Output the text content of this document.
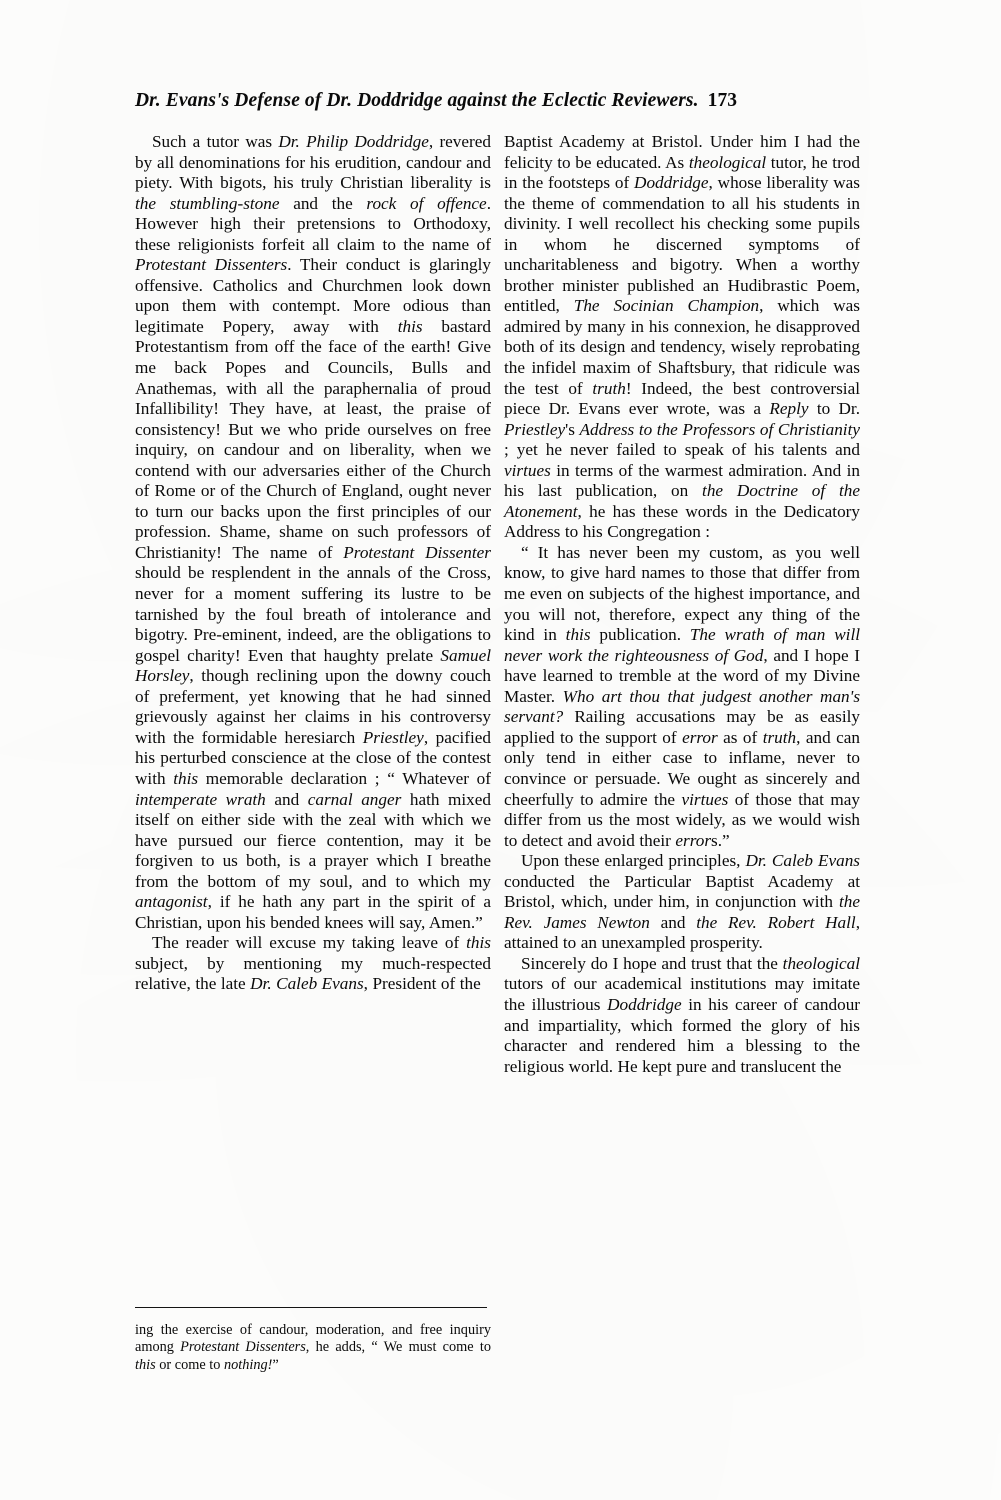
Dr. Evans's Defense of Dr. Doddridge against the Eclectic Reviewers. 173

Such a tutor was Dr. Philip Doddridge, revered by all denominations for his erudition, candour and piety. With bigots, his truly Christian liberality is the stumbling-stone and the rock of offence. However high their pretensions to Orthodoxy, these religionists forfeit all claim to the name of Protestant Dissenters. Their conduct is glaringly offensive. Catholics and Churchmen look down upon them with contempt. More odious than legitimate Popery, away with this bastard Protestantism from off the face of the earth! Give me back Popes and Councils, Bulls and Anathemas, with all the paraphernalia of proud Infallibility! They have, at least, the praise of consistency! But we who pride ourselves on free inquiry, on candour and on liberality, when we contend with our adversaries either of the Church of Rome or of the Church of England, ought never to turn our backs upon the first principles of our profession. Shame, shame on such professors of Christianity! The name of Protestant Dissenter should be resplendent in the annals of the Cross, never for a moment suffering its lustre to be tarnished by the foul breath of intolerance and bigotry. Pre-eminent, indeed, are the obligations to gospel charity! Even that haughty prelate Samuel Horsley, though reclining upon the downy couch of preferment, yet knowing that he had sinned grievously against her claims in his controversy with the formidable heresiarch Priestley, pacified his perturbed conscience at the close of the contest with this memorable declaration ; “ Whatever of intemperate wrath and carnal anger hath mixed itself on either side with the zeal with which we have pursued our fierce contention, may it be forgiven to us both, is a prayer which I breathe from the bottom of my soul, and to which my antagonist, if he hath any part in the spirit of a Christian, upon his bended knees will say, Amen.”

The reader will excuse my taking leave of this subject, by mentioning my much-respected relative, the late Dr. Caleb Evans, President of the

Baptist Academy at Bristol. Under him I had the felicity to be educated. As theological tutor, he trod in the footsteps of Doddridge, whose liberality was the theme of commendation to all his students in divinity. I well recollect his checking some pupils in whom he discerned symptoms of uncharitableness and bigotry. When a worthy brother minister published an Hudibrastic Poem, entitled, The Socinian Champion, which was admired by many in his connexion, he disapproved both of its design and tendency, wisely reprobating the infidel maxim of Shaftsbury, that ridicule was the test of truth! Indeed, the best controversial piece Dr. Evans ever wrote, was a Reply to Dr. Priestley's Address to the Professors of Christianity ; yet he never failed to speak of his talents and virtues in terms of the warmest admiration. And in his last publication, on the Doctrine of the Atonement, he has these words in the Dedicatory Address to his Congregation :

“ It has never been my custom, as you well know, to give hard names to those that differ from me even on subjects of the highest importance, and you will not, therefore, expect any thing of the kind in this publication. The wrath of man will never work the righteousness of God, and I hope I have learned to tremble at the word of my Divine Master. Who art thou that judgest another man's servant? Railing accusations may be as easily applied to the support of error as of truth, and can only tend in either case to inflame, never to convince or persuade. We ought as sincerely and cheerfully to admire the virtues of those that may differ from us the most widely, as we would wish to detect and avoid their errors.”

Upon these enlarged principles, Dr. Caleb Evans conducted the Particular Baptist Academy at Bristol, which, under him, in conjunction with the Rev. James Newton and the Rev. Robert Hall, attained to an unexampled prosperity.

Sincerely do I hope and trust that the theological tutors of our academical institutions may imitate the illustrious Doddridge in his career of candour and impartiality, which formed the glory of his character and rendered him a blessing to the religious world. He kept pure and translucent the

ing the exercise of candour, moderation, and free inquiry among Protestant Dissenters, he adds, “ We must come to this or come to nothing!”
